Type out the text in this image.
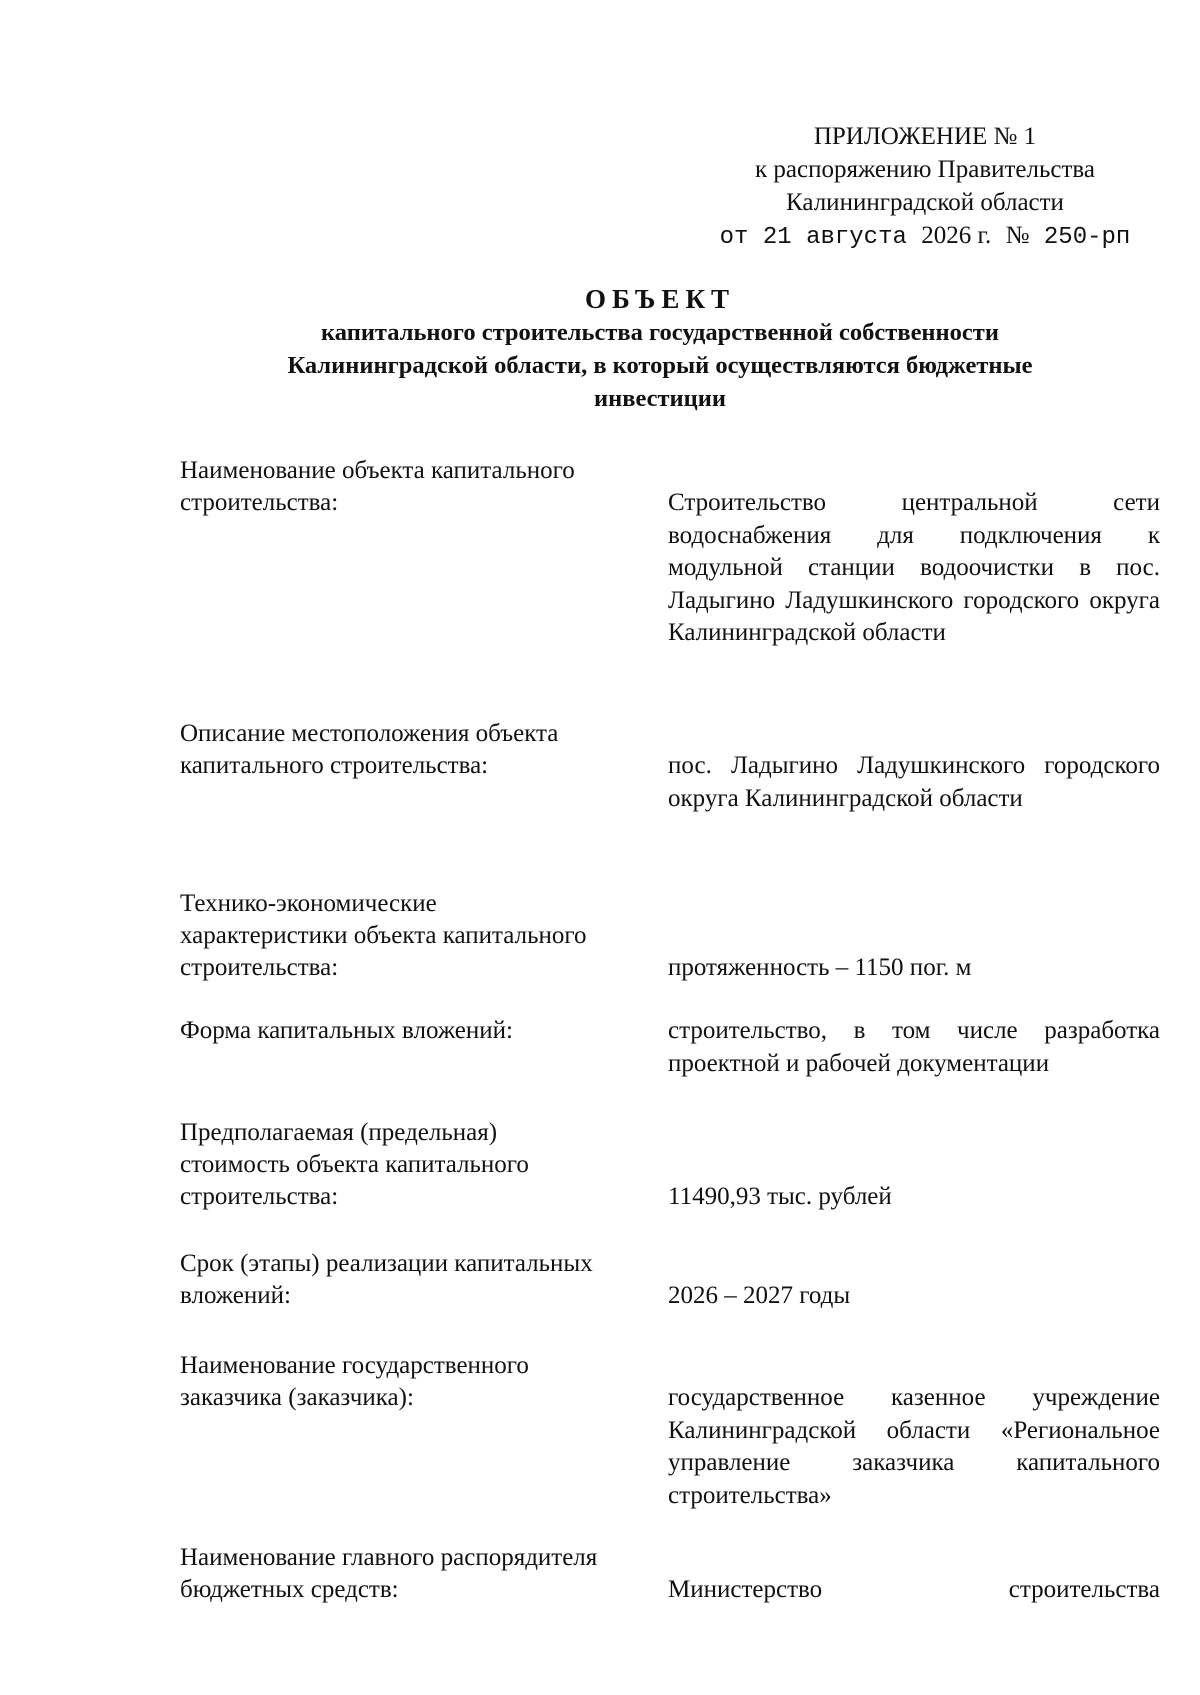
ПРИЛОЖЕНИЕ № 1
к распоряжению Правительства
Калининградской области
от 21 августа 2026 г. № 250-рп
ОБЪЕКТ
капитального строительства государственной собственности
Калининградской области, в который осуществляются бюджетные
инвестиции
Наименование объекта капитального
строительства:	Строительство центральной сети водоснабжения для подключения к модульной станции водоочистки в пос. Ладыгино Ладушкинского городского округа Калининградской области
Описание местоположения объекта
капитального строительства:	пос. Ладыгино Ладушкинского городского округа Калининградской области
Технико-экономические
характеристики объекта капитального
строительства:	протяженность – 1150 пог. м
Форма капитальных вложений:	строительство, в том числе разработка проектной и рабочей документации
Предполагаемая (предельная)
стоимость объекта капитального
строительства:	11490,93 тыс. рублей
Срок (этапы) реализации капитальных
вложений:	2026 – 2027 годы
Наименование государственного
заказчика (заказчика):	государственное казенное учреждение Калининградской области «Региональное управление заказчика капитального строительства»
Наименование главного распорядителя
бюджетных средств:	Министерство строительства
